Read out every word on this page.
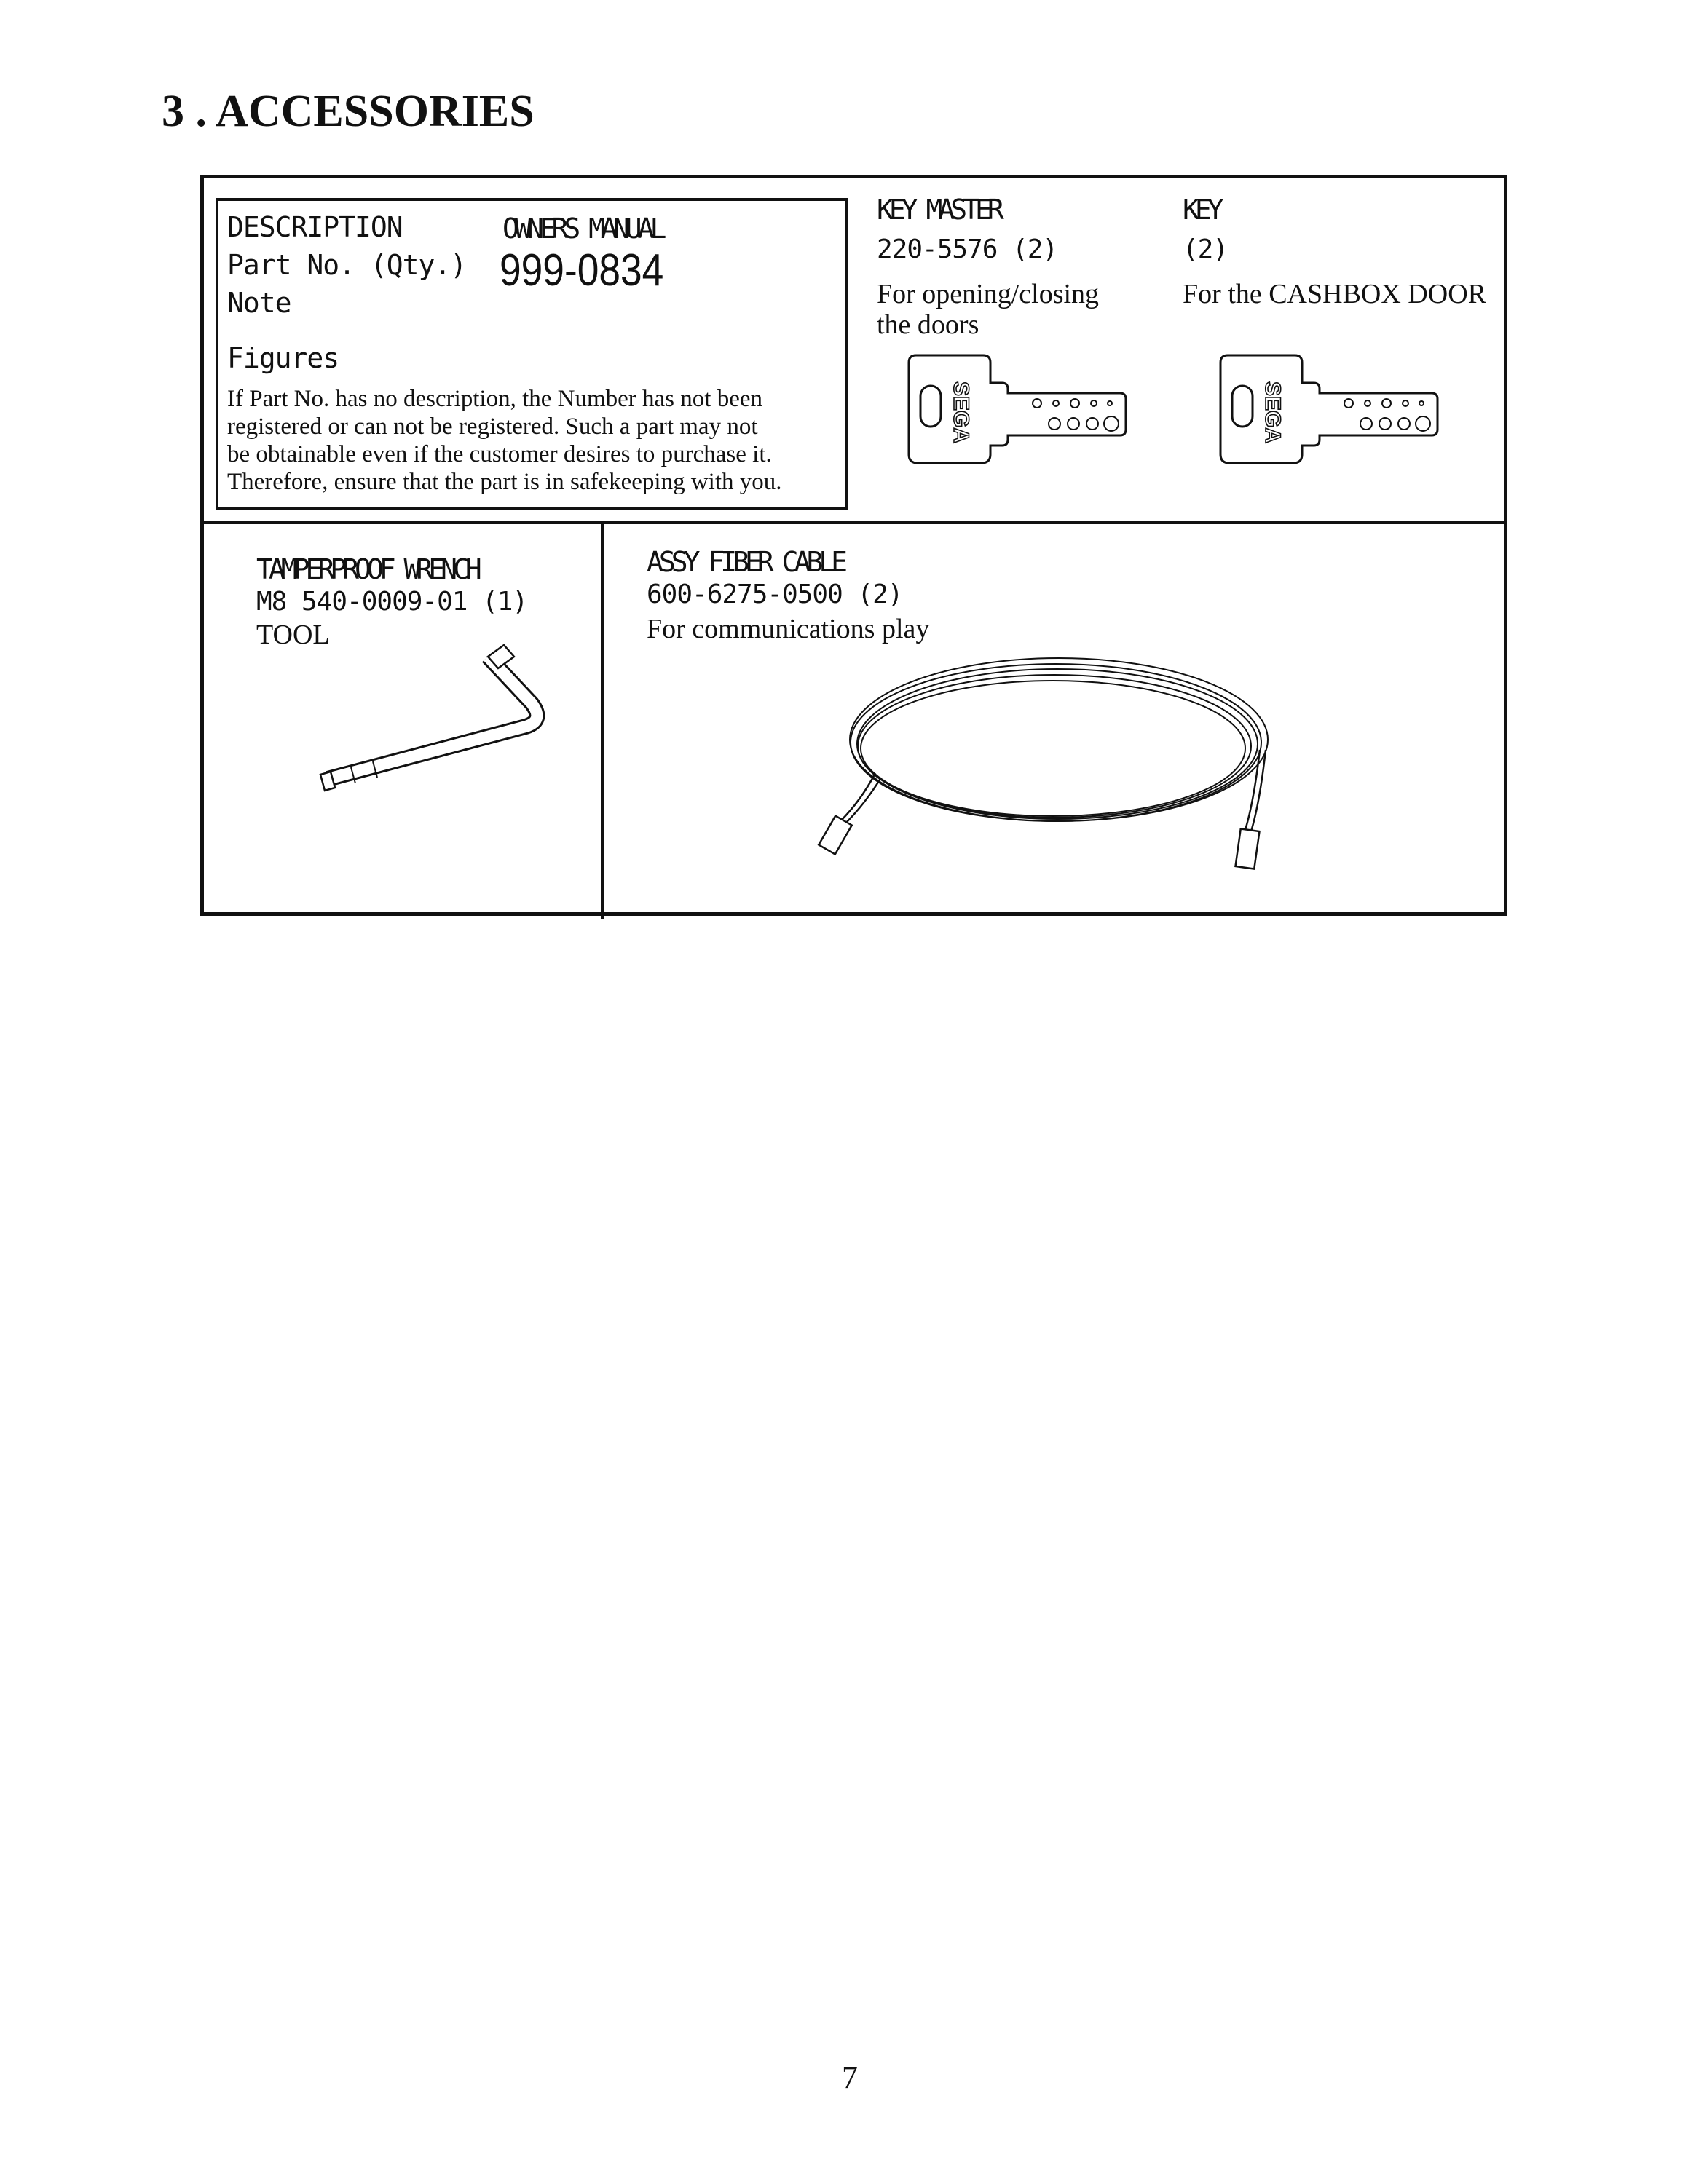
3 . ACCESSORIES
DESCRIPTION	OWNERS MANUAL
Part No. (Qty.) 999-0834
Note
Figures
If Part No. has no description, the Number has not been
registered or can not be registered. Such a part may not
be obtainable even if the customer desires to purchase it.
Therefore, ensure that the part is in safekeeping with you.
KEY MASTER
220-5576 (2)
For opening/closing
the doors
SEGA
KEY
(2)
For the CASHBOX DOOR
SEGA
TAMPERPROOF WRENCH
M8 540-0009-01 (1)
TOOL
ASSY FIBER CABLE
600-6275-0500 (2)
For communications play
7
